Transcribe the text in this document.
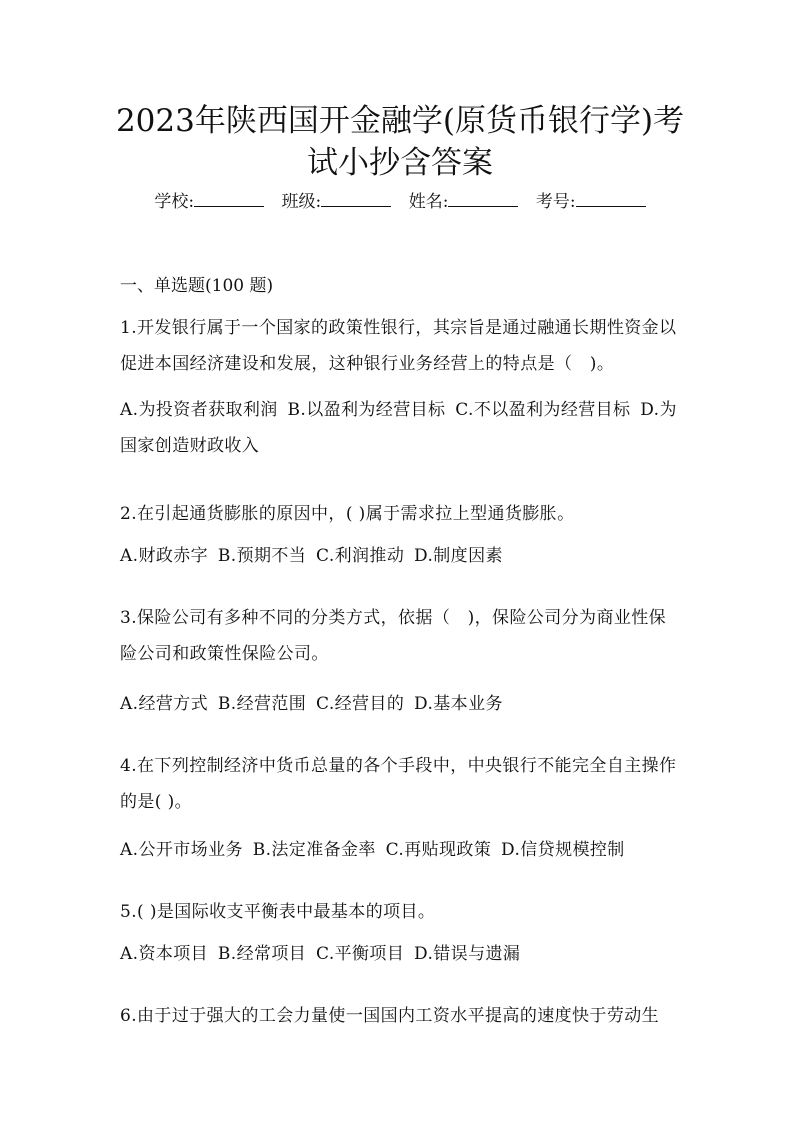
2023年陕西国开金融学(原货币银行学)考
试小抄含答案
学校:	班级:	姓名:	考号:
一、单选题(100 题)
1.开发银行属于一个国家的政策性银行，其宗旨是通过融通长期性资金以促进本国经济建设和发展，这种银行业务经营上的特点是（　)。
A.为投资者获取利润 B.以盈利为经营目标 C.不以盈利为经营目标 D.为国家创造财政收入
2.在引起通货膨胀的原因中，( )属于需求拉上型通货膨胀。
A.财政赤字 B.预期不当 C.利润推动 D.制度因素
3.保险公司有多种不同的分类方式，依据（　)，保险公司分为商业性保险公司和政策性保险公司。
A.经营方式 B.经营范围 C.经营目的 D.基本业务
4.在下列控制经济中货币总量的各个手段中，中央银行不能完全自主操作的是( )。
A.公开市场业务 B.法定准备金率 C.再贴现政策 D.信贷规模控制
5.( )是国际收支平衡表中最基本的项目。
A.资本项目 B.经常项目 C.平衡项目 D.错误与遗漏
6.由于过于强大的工会力量使一国国内工资水平提高的速度快于劳动生
